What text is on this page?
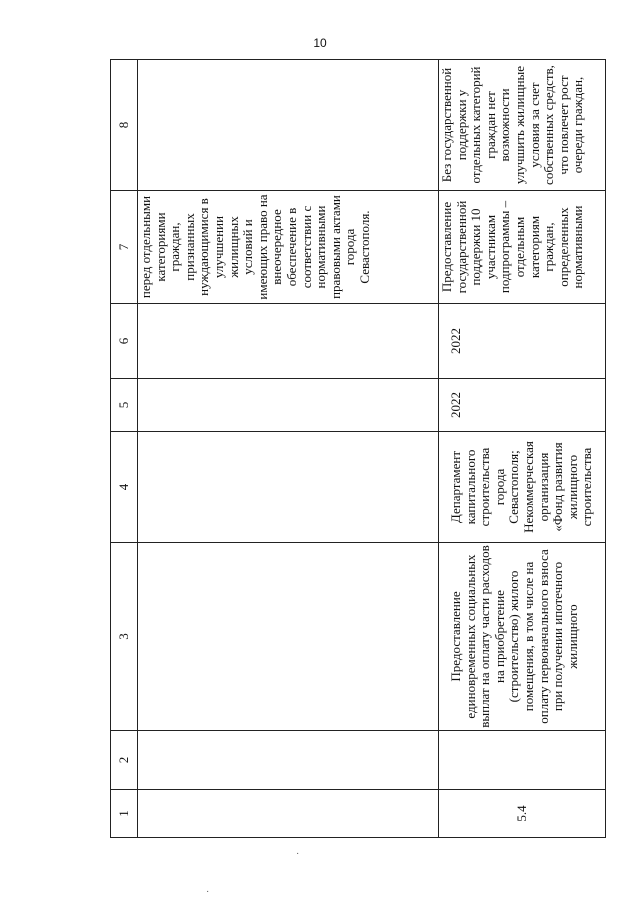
10
1	2	3	4	5	6	7	8

						перед отдельными категориями граждан, признанных нуждающимися в улучшении жилищных условий и имеющих право на внеочередное обеспечение в соответствии с нормативными правовыми актами города Севастополя.	

5.4		Предоставление единовременных социальных выплат на оплату части расходов на приобретение (строительство) жилого помещения, в том числе на оплату первоначального взноса при получении ипотечного жилищного	Департамент капитального строительства города Севастополя; Некоммерческая организация «Фонд развития жилищного строительства	2022	2022	Предоставление государственной поддержки 10 участникам подпрограммы – отдельным категориям граждан, определенных нормативными	Без государственной поддержки у отдельных категорий граждан нет возможности улучшить жилищные условия за счет собственных средств, что повлечет рост очереди граждан,
·
·
